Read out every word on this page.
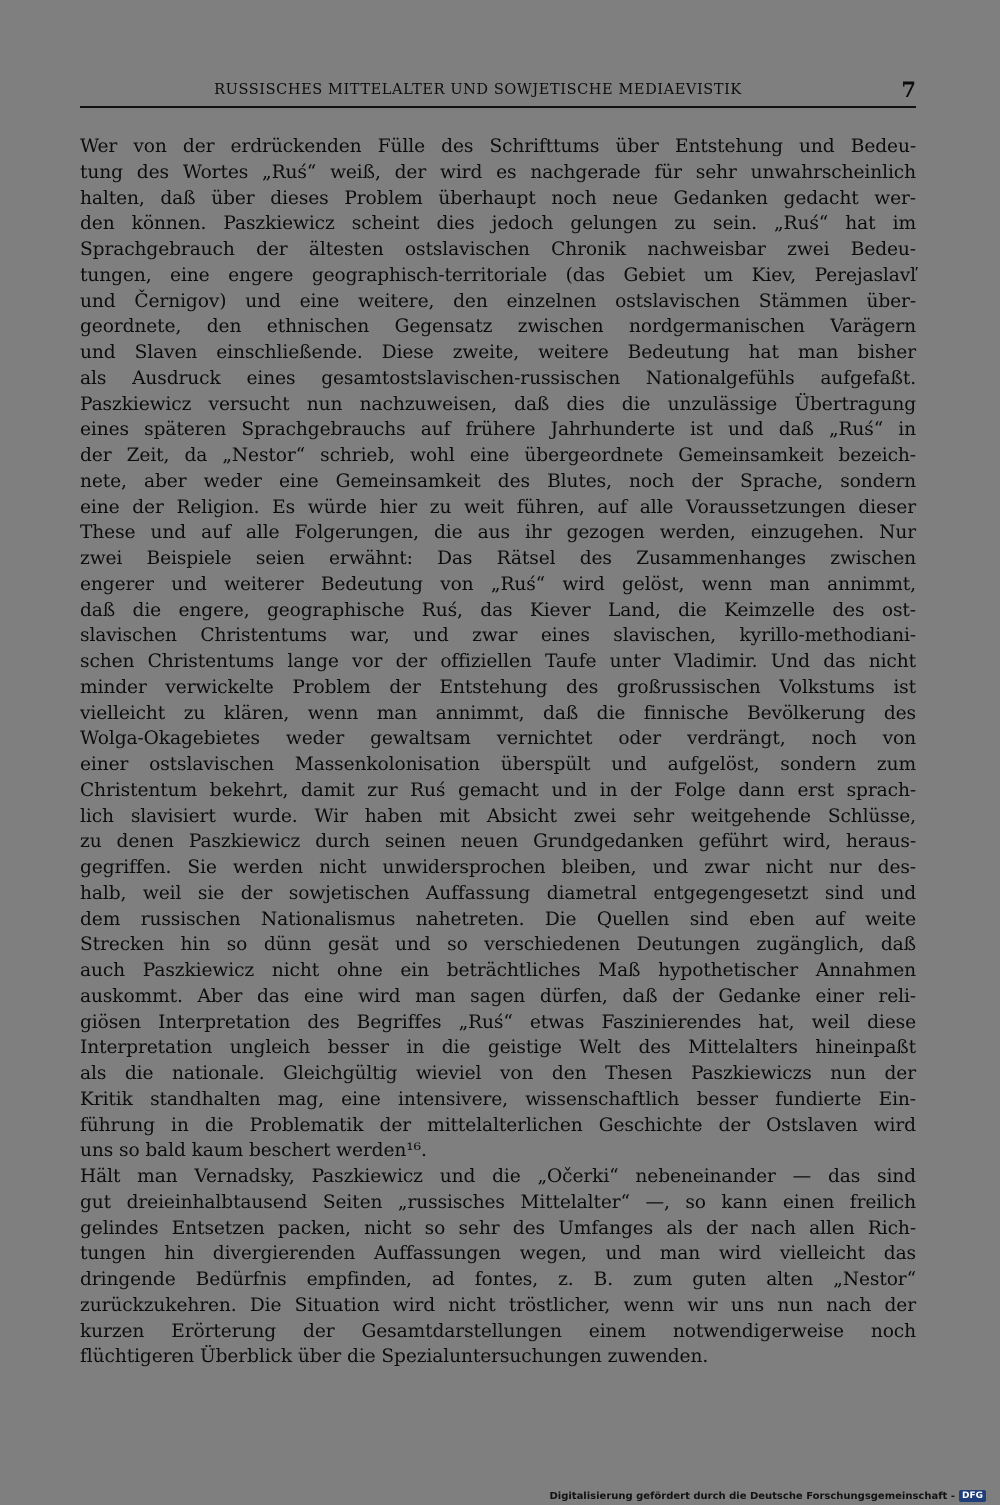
RUSSISCHES MITTELALTER UND SOWJETISCHE MEDIAEVISTIK	7
Wer von der erdrückenden Fülle des Schrifttums über Entstehung und Bedeu-
tung des Wortes „Ruś“ weiß, der wird es nachgerade für sehr unwahrscheinlich
halten, daß über dieses Problem überhaupt noch neue Gedanken gedacht wer-
den können. Paszkiewicz scheint dies jedoch gelungen zu sein. „Ruś“ hat im
Sprachgebrauch der ältesten ostslavischen Chronik nachweisbar zwei Bedeu-
tungen, eine engere geographisch-territoriale (das Gebiet um Kiev, Perejaslavľ
und Černigov) und eine weitere, den einzelnen ostslavischen Stämmen über-
geordnete, den ethnischen Gegensatz zwischen nordgermanischen Varägern
und Slaven einschließende. Diese zweite, weitere Bedeutung hat man bisher
als Ausdruck eines gesamtostslavischen-russischen Nationalgefühls aufgefaßt.
Paszkiewicz versucht nun nachzuweisen, daß dies die unzulässige Übertragung
eines späteren Sprachgebrauchs auf frühere Jahrhunderte ist und daß „Ruś“ in
der Zeit, da „Nestor“ schrieb, wohl eine übergeordnete Gemeinsamkeit bezeich-
nete, aber weder eine Gemeinsamkeit des Blutes, noch der Sprache, sondern
eine der Religion. Es würde hier zu weit führen, auf alle Voraussetzungen dieser
These und auf alle Folgerungen, die aus ihr gezogen werden, einzugehen. Nur
zwei Beispiele seien erwähnt: Das Rätsel des Zusammenhanges zwischen
engerer und weiterer Bedeutung von „Ruś“ wird gelöst, wenn man annimmt,
daß die engere, geographische Ruś, das Kiever Land, die Keimzelle des ost-
slavischen Christentums war, und zwar eines slavischen, kyrillo-methodiani-
schen Christentums lange vor der offiziellen Taufe unter Vladimir. Und das nicht
minder verwickelte Problem der Entstehung des großrussischen Volkstums ist
vielleicht zu klären, wenn man annimmt, daß die finnische Bevölkerung des
Wolga-Okagebietes weder gewaltsam vernichtet oder verdrängt, noch von
einer ostslavischen Massenkolonisation überspült und aufgelöst, sondern zum
Christentum bekehrt, damit zur Ruś gemacht und in der Folge dann erst sprach-
lich slavisiert wurde. Wir haben mit Absicht zwei sehr weitgehende Schlüsse,
zu denen Paszkiewicz durch seinen neuen Grundgedanken geführt wird, heraus-
gegriffen. Sie werden nicht unwidersprochen bleiben, und zwar nicht nur des-
halb, weil sie der sowjetischen Auffassung diametral entgegengesetzt sind und
dem russischen Nationalismus nahetreten. Die Quellen sind eben auf weite
Strecken hin so dünn gesät und so verschiedenen Deutungen zugänglich, daß
auch Paszkiewicz nicht ohne ein beträchtliches Maß hypothetischer Annahmen
auskommt. Aber das eine wird man sagen dürfen, daß der Gedanke einer reli-
giösen Interpretation des Begriffes „Ruś“ etwas Faszinierendes hat, weil diese
Interpretation ungleich besser in die geistige Welt des Mittelalters hineinpaßt
als die nationale. Gleichgültig wieviel von den Thesen Paszkiewiczs nun der
Kritik standhalten mag, eine intensivere, wissenschaftlich besser fundierte Ein-
führung in die Problematik der mittelalterlichen Geschichte der Ostslaven wird
uns so bald kaum beschert werden¹⁶.
Hält man Vernadsky, Paszkiewicz und die „Očerki“ nebeneinander — das sind
gut dreieinhalbtausend Seiten „russisches Mittelalter“ —, so kann einen freilich
gelindes Entsetzen packen, nicht so sehr des Umfanges als der nach allen Rich-
tungen hin divergierenden Auffassungen wegen, und man wird vielleicht das
dringende Bedürfnis empfinden, ad fontes, z. B. zum guten alten „Nestor“
zurückzukehren. Die Situation wird nicht tröstlicher, wenn wir uns nun nach der
kurzen Erörterung der Gesamtdarstellungen einem notwendigerweise noch
flüchtigeren Überblick über die Spezialuntersuchungen zuwenden.
Digitalisierung gefördert durch die Deutsche Forschungsgemeinschaft - DFG
